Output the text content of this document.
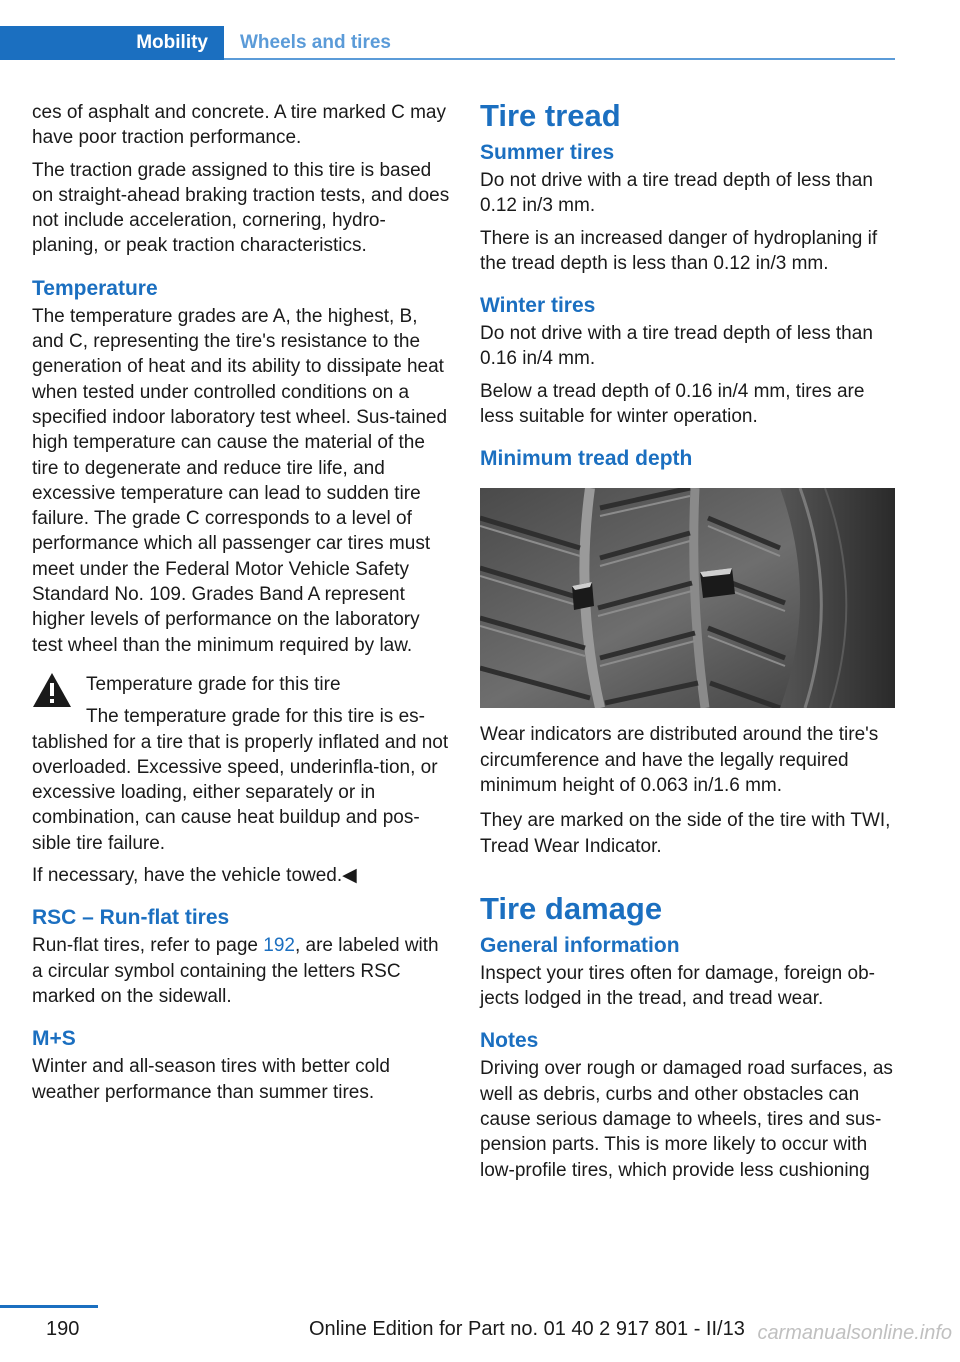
Mobility	Wheels and tires

ces of asphalt and concrete. A tire marked C may have poor traction performance.

The traction grade assigned to this tire is based on straight-ahead braking traction tests, and does not include acceleration, cornering, hydro‐planing, or peak traction characteristics.

Temperature

The temperature grades are A, the highest, B, and C, representing the tire's resistance to the generation of heat and its ability to dissipate heat when tested under controlled conditions on a specified indoor laboratory test wheel. Sus‐tained high temperature can cause the material of the tire to degenerate and reduce tire life, and excessive temperature can lead to sudden tire failure. The grade C corresponds to a level of performance which all passenger car tires must meet under the Federal Motor Vehicle Safety Standard No. 109. Grades Band A represent higher levels of performance on the laboratory test wheel than the minimum required by law.

Temperature grade for this tire

The temperature grade for this tire is es‐

tablished for a tire that is properly inflated and not overloaded. Excessive speed, underinfla‐tion, or excessive loading, either separately or in combination, can cause heat buildup and pos‐sible tire failure.

If necessary, have the vehicle towed.◀

RSC – Run-flat tires

Run-flat tires, refer to page 192, are labeled with a circular symbol containing the letters RSC marked on the sidewall.

M+S

Winter and all-season tires with better cold weather performance than summer tires.

Tire tread
Summer tires

Do not drive with a tire tread depth of less than 0.12 in/3 mm.

There is an increased danger of hydroplaning if the tread depth is less than 0.12 in/3 mm.

Winter tires

Do not drive with a tire tread depth of less than 0.16 in/4 mm.

Below a tread depth of 0.16 in/4 mm, tires are less suitable for winter operation.

Minimum tread depth

Wear indicators are distributed around the tire's circumference and have the legally required minimum height of 0.063 in/1.6 mm.

They are marked on the side of the tire with TWI, Tread Wear Indicator.

Tire damage
General information

Inspect your tires often for damage, foreign ob‐jects lodged in the tread, and tread wear.

Notes

Driving over rough or damaged road surfaces, as well as debris, curbs and other obstacles can cause serious damage to wheels, tires and sus‐pension parts. This is more likely to occur with low-profile tires, which provide less cushioning

190	Online Edition for Part no. 01 40 2 917 801 - II/13 carmanualsonline.info
